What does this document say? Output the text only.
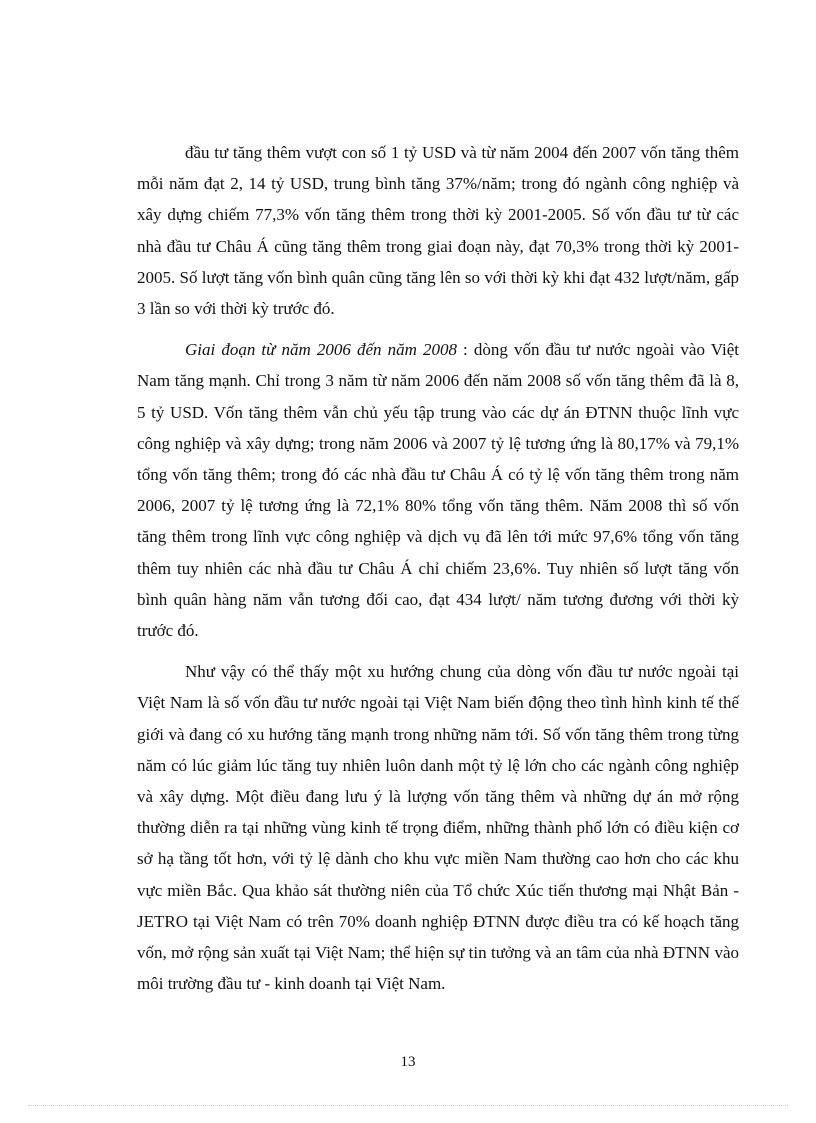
đầu tư tăng thêm vượt con số 1 tỷ USD và từ năm 2004 đến 2007 vốn tăng thêm mỗi năm đạt 2, 14 tỷ USD, trung bình tăng 37%/năm; trong đó ngành công nghiệp và xây dựng chiếm 77,3% vốn tăng thêm trong thời kỳ 2001-2005. Số vốn đầu tư từ các nhà đầu tư Châu Á cũng tăng thêm trong giai đoạn này, đạt 70,3% trong thời kỳ 2001-2005. Số lượt tăng vốn bình quân cũng tăng lên so với thời kỳ khi đạt 432 lượt/năm, gấp 3 lần so với thời kỳ trước đó.

Giai đoạn từ năm 2006 đến năm 2008 : dòng vốn đầu tư nước ngoài vào Việt Nam tăng mạnh. Chỉ trong 3 năm từ năm 2006 đến năm 2008 số vốn tăng thêm đã là 8, 5 tỷ USD. Vốn tăng thêm vẫn chủ yếu tập trung vào các dự án ĐTNN thuộc lĩnh vực công nghiệp và xây dựng; trong năm 2006 và 2007 tỷ lệ tương ứng là 80,17% và 79,1% tổng vốn tăng thêm; trong đó các nhà đầu tư Châu Á có tỷ lệ vốn tăng thêm trong năm 2006, 2007 tỷ lệ tương ứng là 72,1% 80% tổng vốn tăng thêm. Năm 2008 thì số vốn tăng thêm trong lĩnh vực công nghiệp và dịch vụ đã lên tới mức 97,6% tổng vốn tăng thêm tuy nhiên các nhà đầu tư Châu Á chỉ chiếm 23,6%. Tuy nhiên số lượt tăng vốn bình quân hàng năm vẫn tương đối cao, đạt 434 lượt/ năm tương đương với thời kỳ trước đó.

Như vậy có thể thấy một xu hướng chung của dòng vốn đầu tư nước ngoài tại Việt Nam là số vốn đầu tư nước ngoài tại Việt Nam biến động theo tình hình kinh tế thế giới và đang có xu hướng tăng mạnh trong những năm tới. Số vốn tăng thêm trong từng năm có lúc giảm lúc tăng tuy nhiên luôn danh một tỷ lệ lớn cho các ngành công nghiệp và xây dựng. Một điều đang lưu ý là lượng vốn tăng thêm và những dự án mở rộng thường diễn ra tại những vùng kinh tế trọng điểm, những thành phố lớn có điều kiện cơ sở hạ tầng tốt hơn, với tỷ lệ dành cho khu vực miền Nam thường cao hơn cho các khu vực miền Bắc. Qua khảo sát thường niên của Tổ chức Xúc tiến thương mại Nhật Bản -JETRO tại Việt Nam có trên 70% doanh nghiệp ĐTNN được điều tra có kế hoạch tăng vốn, mở rộng sản xuất tại Việt Nam; thể hiện sự tin tưởng và an tâm của nhà ĐTNN vào môi trường đầu tư - kinh doanh tại Việt Nam.

13
